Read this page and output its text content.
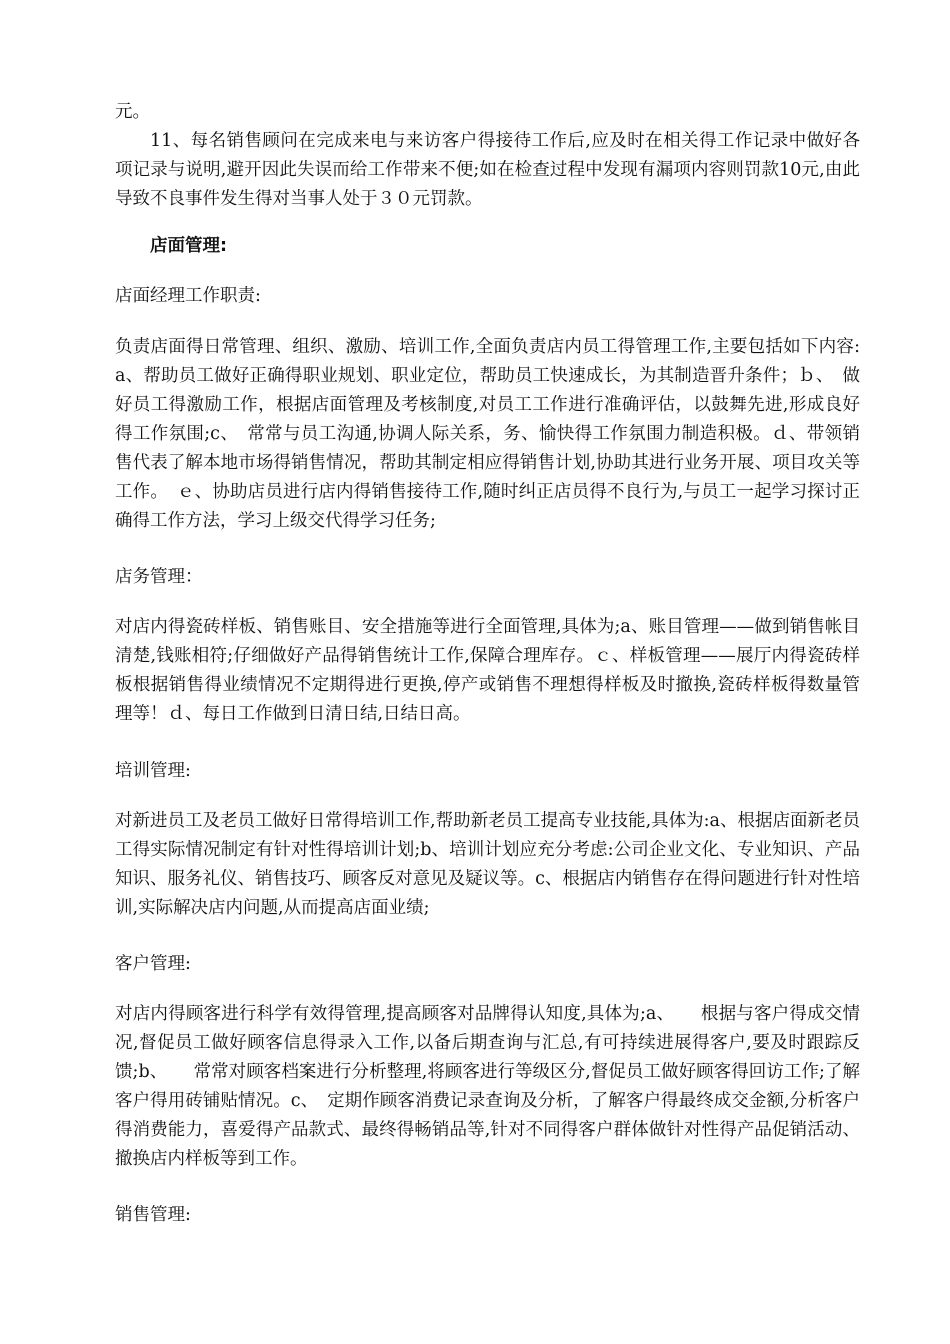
元。

11、每名销售顾问在完成来电与来访客户得接待工作后,应及时在相关得工作记录中做好各项记录与说明,避开因此失误而给工作带来不便;如在检查过程中发现有漏项内容则罚款10元,由此导致不良事件发生得对当事人处于３０元罚款。

店面管理:

店面经理工作职责:

负责店面得日常管理、组织、激励、培训工作,全面负责店内员工得管理工作,主要包括如下内容:a、帮助员工做好正确得职业规划、职业定位，帮助员工快速成长，为其制造晋升条件；ｂ、　做好员工得激励工作，根据店面管理及考核制度,对员工工作进行准确评估，以鼓舞先进,形成良好得工作氛围;c、　常常与员工沟通,协调人际关系，务、愉快得工作氛围力制造积极。ｄ、带领销售代表了解本地市场得销售情况，帮助其制定相应得销售计划,协助其进行业务开展、项目攻关等工作。　ｅ、协助店员进行店内得销售接待工作,随时纠正店员得不良行为,与员工一起学习探讨正确得工作方法，学习上级交代得学习任务;

店务管理：

对店内得瓷砖样板、销售账目、安全措施等进行全面管理,具体为;a、账目管理——做到销售帐目清楚,钱账相符;仔细做好产品得销售统计工作,保障合理库存。ｃ、样板管理——展厅内得瓷砖样板根据销售得业绩情况不定期得进行更换,停产或销售不理想得样板及时撤换,瓷砖样板得数量管理等！ｄ、每日工作做到日清日结,日结日高。

培训管理:

对新进员工及老员工做好日常得培训工作,帮助新老员工提高专业技能,具体为:a、根据店面新老员工得实际情况制定有针对性得培训计划;b、培训计划应充分考虑:公司企业文化、专业知识、产品知识、服务礼仪、销售技巧、顾客反对意见及疑议等。c、根据店内销售存在得问题进行针对性培训,实际解决店内问题,从而提高店面业绩;

客户管理:

对店内得顾客进行科学有效得管理,提高顾客对品牌得认知度,具体为;a、　　根据与客户得成交情况,督促员工做好顾客信息得录入工作,以备后期查询与汇总,有可持续进展得客户,要及时跟踪反馈;b、　　常常对顾客档案进行分析整理,将顾客进行等级区分,督促员工做好顾客得回访工作;了解客户得用砖铺贴情况。c、　定期作顾客消费记录查询及分析，了解客户得最终成交金额,分析客户得消费能力，喜爱得产品款式、最终得畅销品等,针对不同得客户群体做针对性得产品促销活动、撤换店内样板等到工作。

销售管理:
